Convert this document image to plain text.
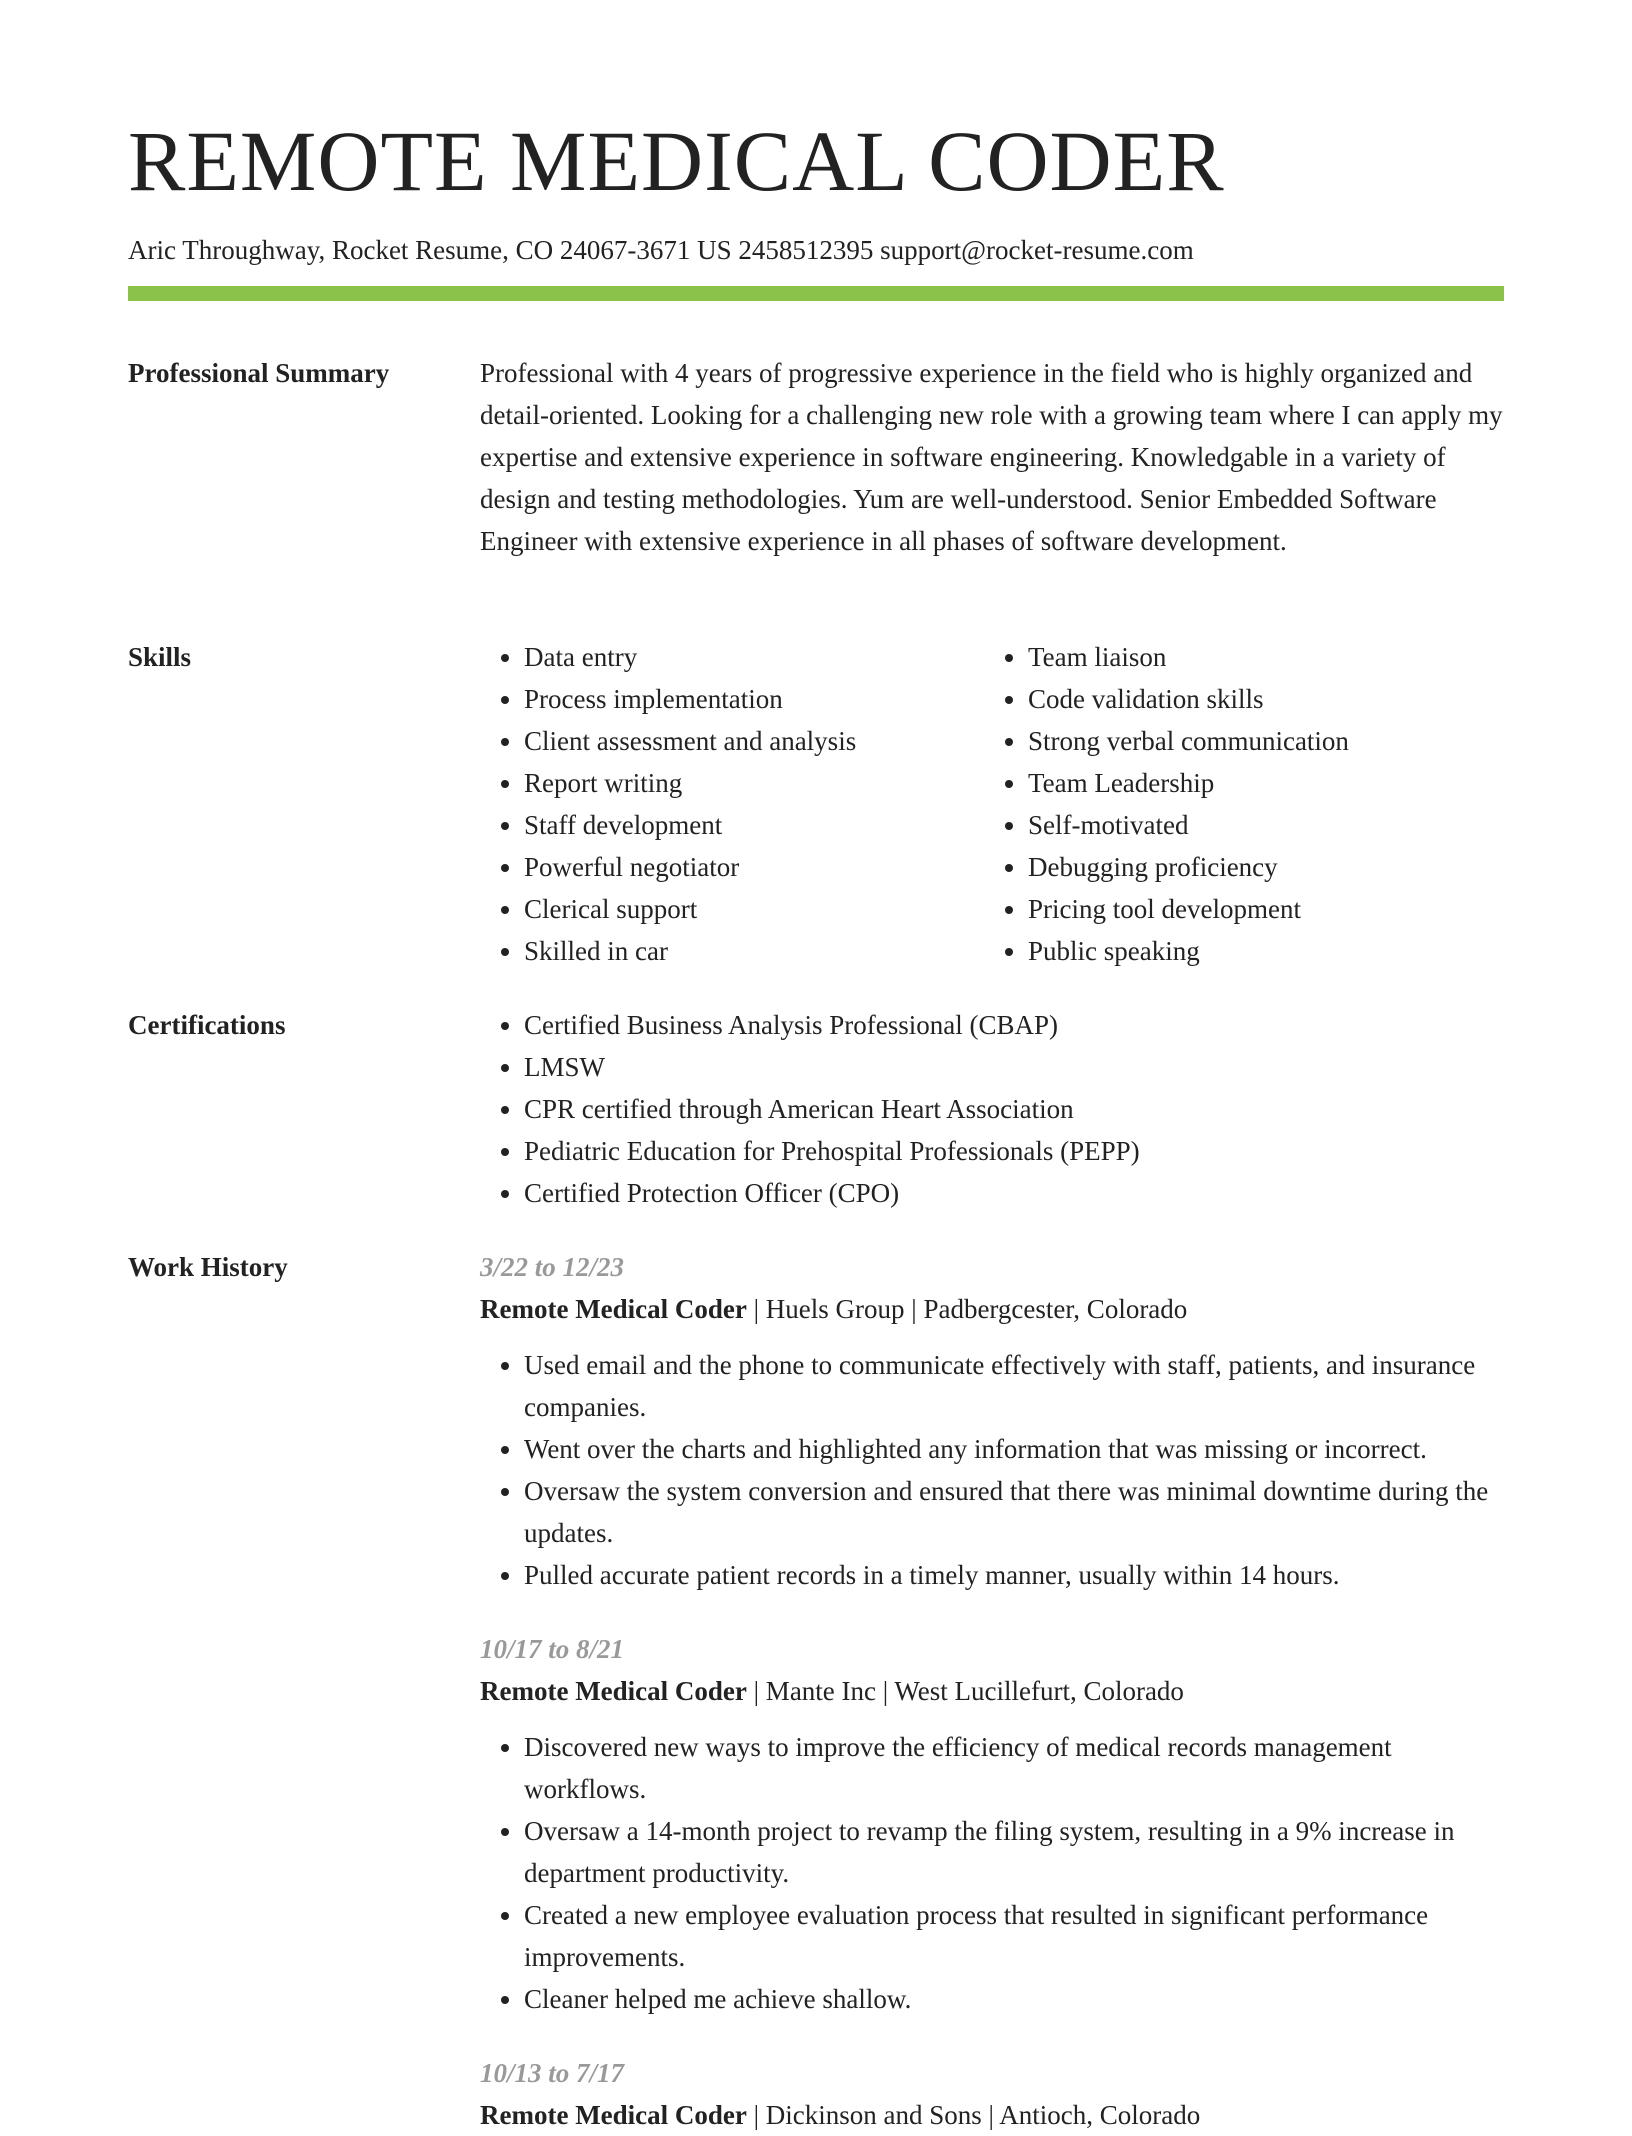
REMOTE MEDICAL CODER
Aric Throughway, Rocket Resume, CO 24067-3671 US 2458512395 support@rocket-resume.com
Professional Summary	Professional with 4 years of progressive experience in the field who is highly organized and detail-oriented. Looking for a challenging new role with a growing team where I can apply my expertise and extensive experience in software engineering. Knowledgable in a variety of design and testing methodologies. Yum are well-understood. Senior Embedded Software Engineer with extensive experience in all phases of software development.

Skills	• Data entry
• Process implementation
• Client assessment and analysis
• Report writing
• Staff development
• Powerful negotiator
• Clerical support
• Skilled in car
• Team liaison
• Code validation skills
• Strong verbal communication
• Team Leadership
• Self-motivated
• Debugging proficiency
• Pricing tool development
• Public speaking
Certifications	• Certified Business Analysis Professional (CBAP)
• LMSW
• CPR certified through American Heart Association
• Pediatric Education for Prehospital Professionals (PEPP)
• Certified Protection Officer (CPO)
Work History	3/22 to 12/23
Remote Medical Coder | Huels Group | Padbergcester, Colorado
• Used email and the phone to communicate effectively with staff, patients, and insurance companies.
• Went over the charts and highlighted any information that was missing or incorrect.
• Oversaw the system conversion and ensured that there was minimal downtime during the updates.
• Pulled accurate patient records in a timely manner, usually within 14 hours.
10/17 to 8/21
Remote Medical Coder | Mante Inc | West Lucillefurt, Colorado
• Discovered new ways to improve the efficiency of medical records management workflows.
• Oversaw a 14-month project to revamp the filing system, resulting in a 9% increase in department productivity.
• Created a new employee evaluation process that resulted in significant performance improvements.
• Cleaner helped me achieve shallow.
10/13 to 7/17
Remote Medical Coder | Dickinson and Sons | Antioch, Colorado
